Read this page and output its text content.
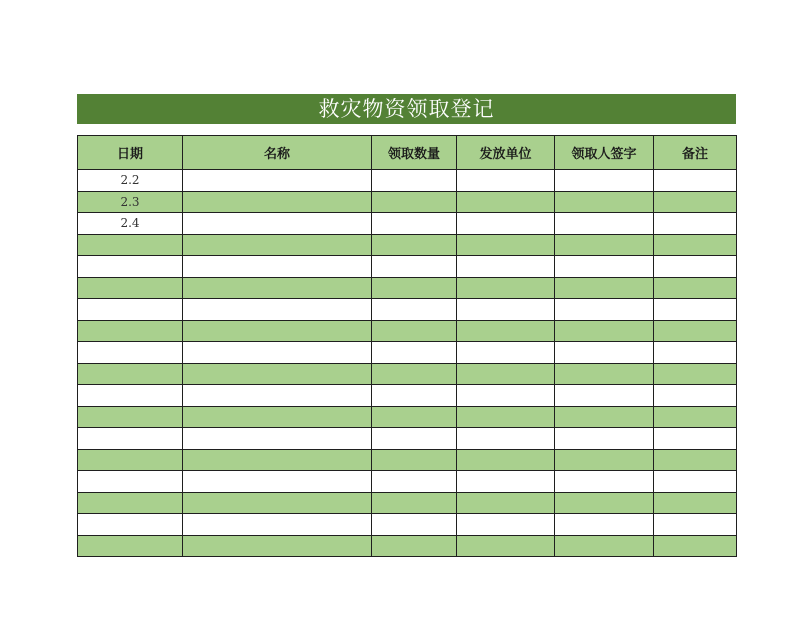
救灾物资领取登记
日期	名称	领取数量	发放单位	领取人签字	备注
2.2					
2.3					
2.4					
